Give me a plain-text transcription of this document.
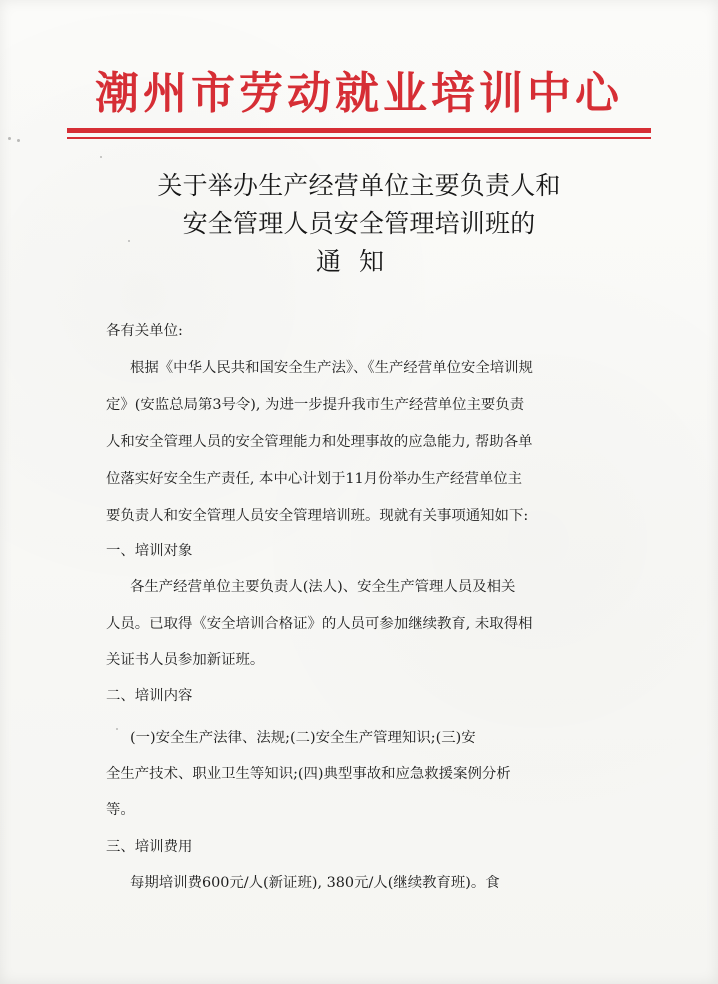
潮州市劳动就业培训中心
关于举办生产经营单位主要负责人和
安全管理人员安全管理培训班的
通知
各有关单位:
根据《中华人民共和国安全生产法》、《生产经营单位安全培训规
定》(安监总局第3号令), 为进一步提升我市生产经营单位主要负责
人和安全管理人员的安全管理能力和处理事故的应急能力, 帮助各单
位落实好安全生产责任, 本中心计划于11月份举办生产经营单位主
要负责人和安全管理人员安全管理培训班。现就有关事项通知如下:
一、培训对象
各生产经营单位主要负责人(法人)、安全生产管理人员及相关
人员。已取得《安全培训合格证》的人员可参加继续教育, 未取得相
关证书人员参加新证班。
二、培训内容
(一)安全生产法律、法规;(二)安全生产管理知识;(三)安
全生产技术、职业卫生等知识;(四)典型事故和应急救援案例分析
等。
三、培训费用
每期培训费600元/人(新证班), 380元/人(继续教育班)。食
